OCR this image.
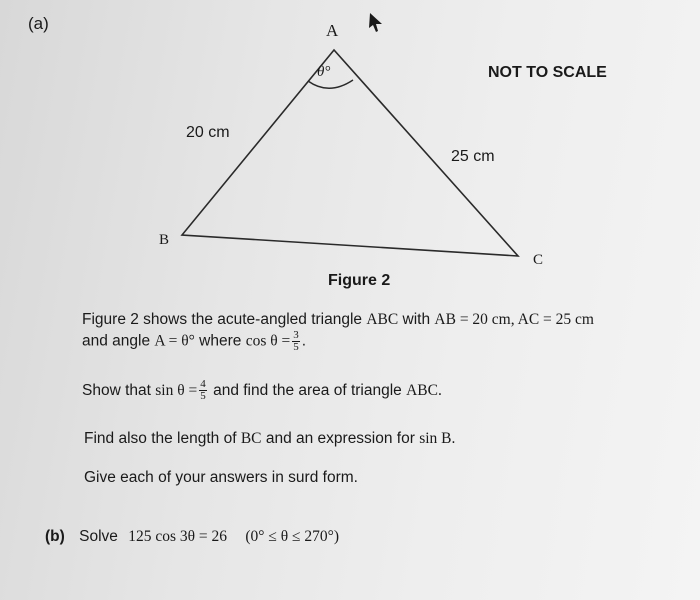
(a)	A
B
C
θ°
20 cm
25 cm
NOT TO SCALE
Figure 2
Figure 2 shows the acute-angled triangle ABC with AB = 20 cm, AC = 25 cm
and angle A = θ° where $\cos \theta = \frac{3}{5}$ .
Show that $\sin \theta = \frac{4}{5}$ and find the area of triangle ABC.
Find also the length of BC and an expression for sin B.
Give each of your answers in surd form.
(b) Solve 125 cos 3θ = 26 (0° ≤ θ ≤ 270°)
